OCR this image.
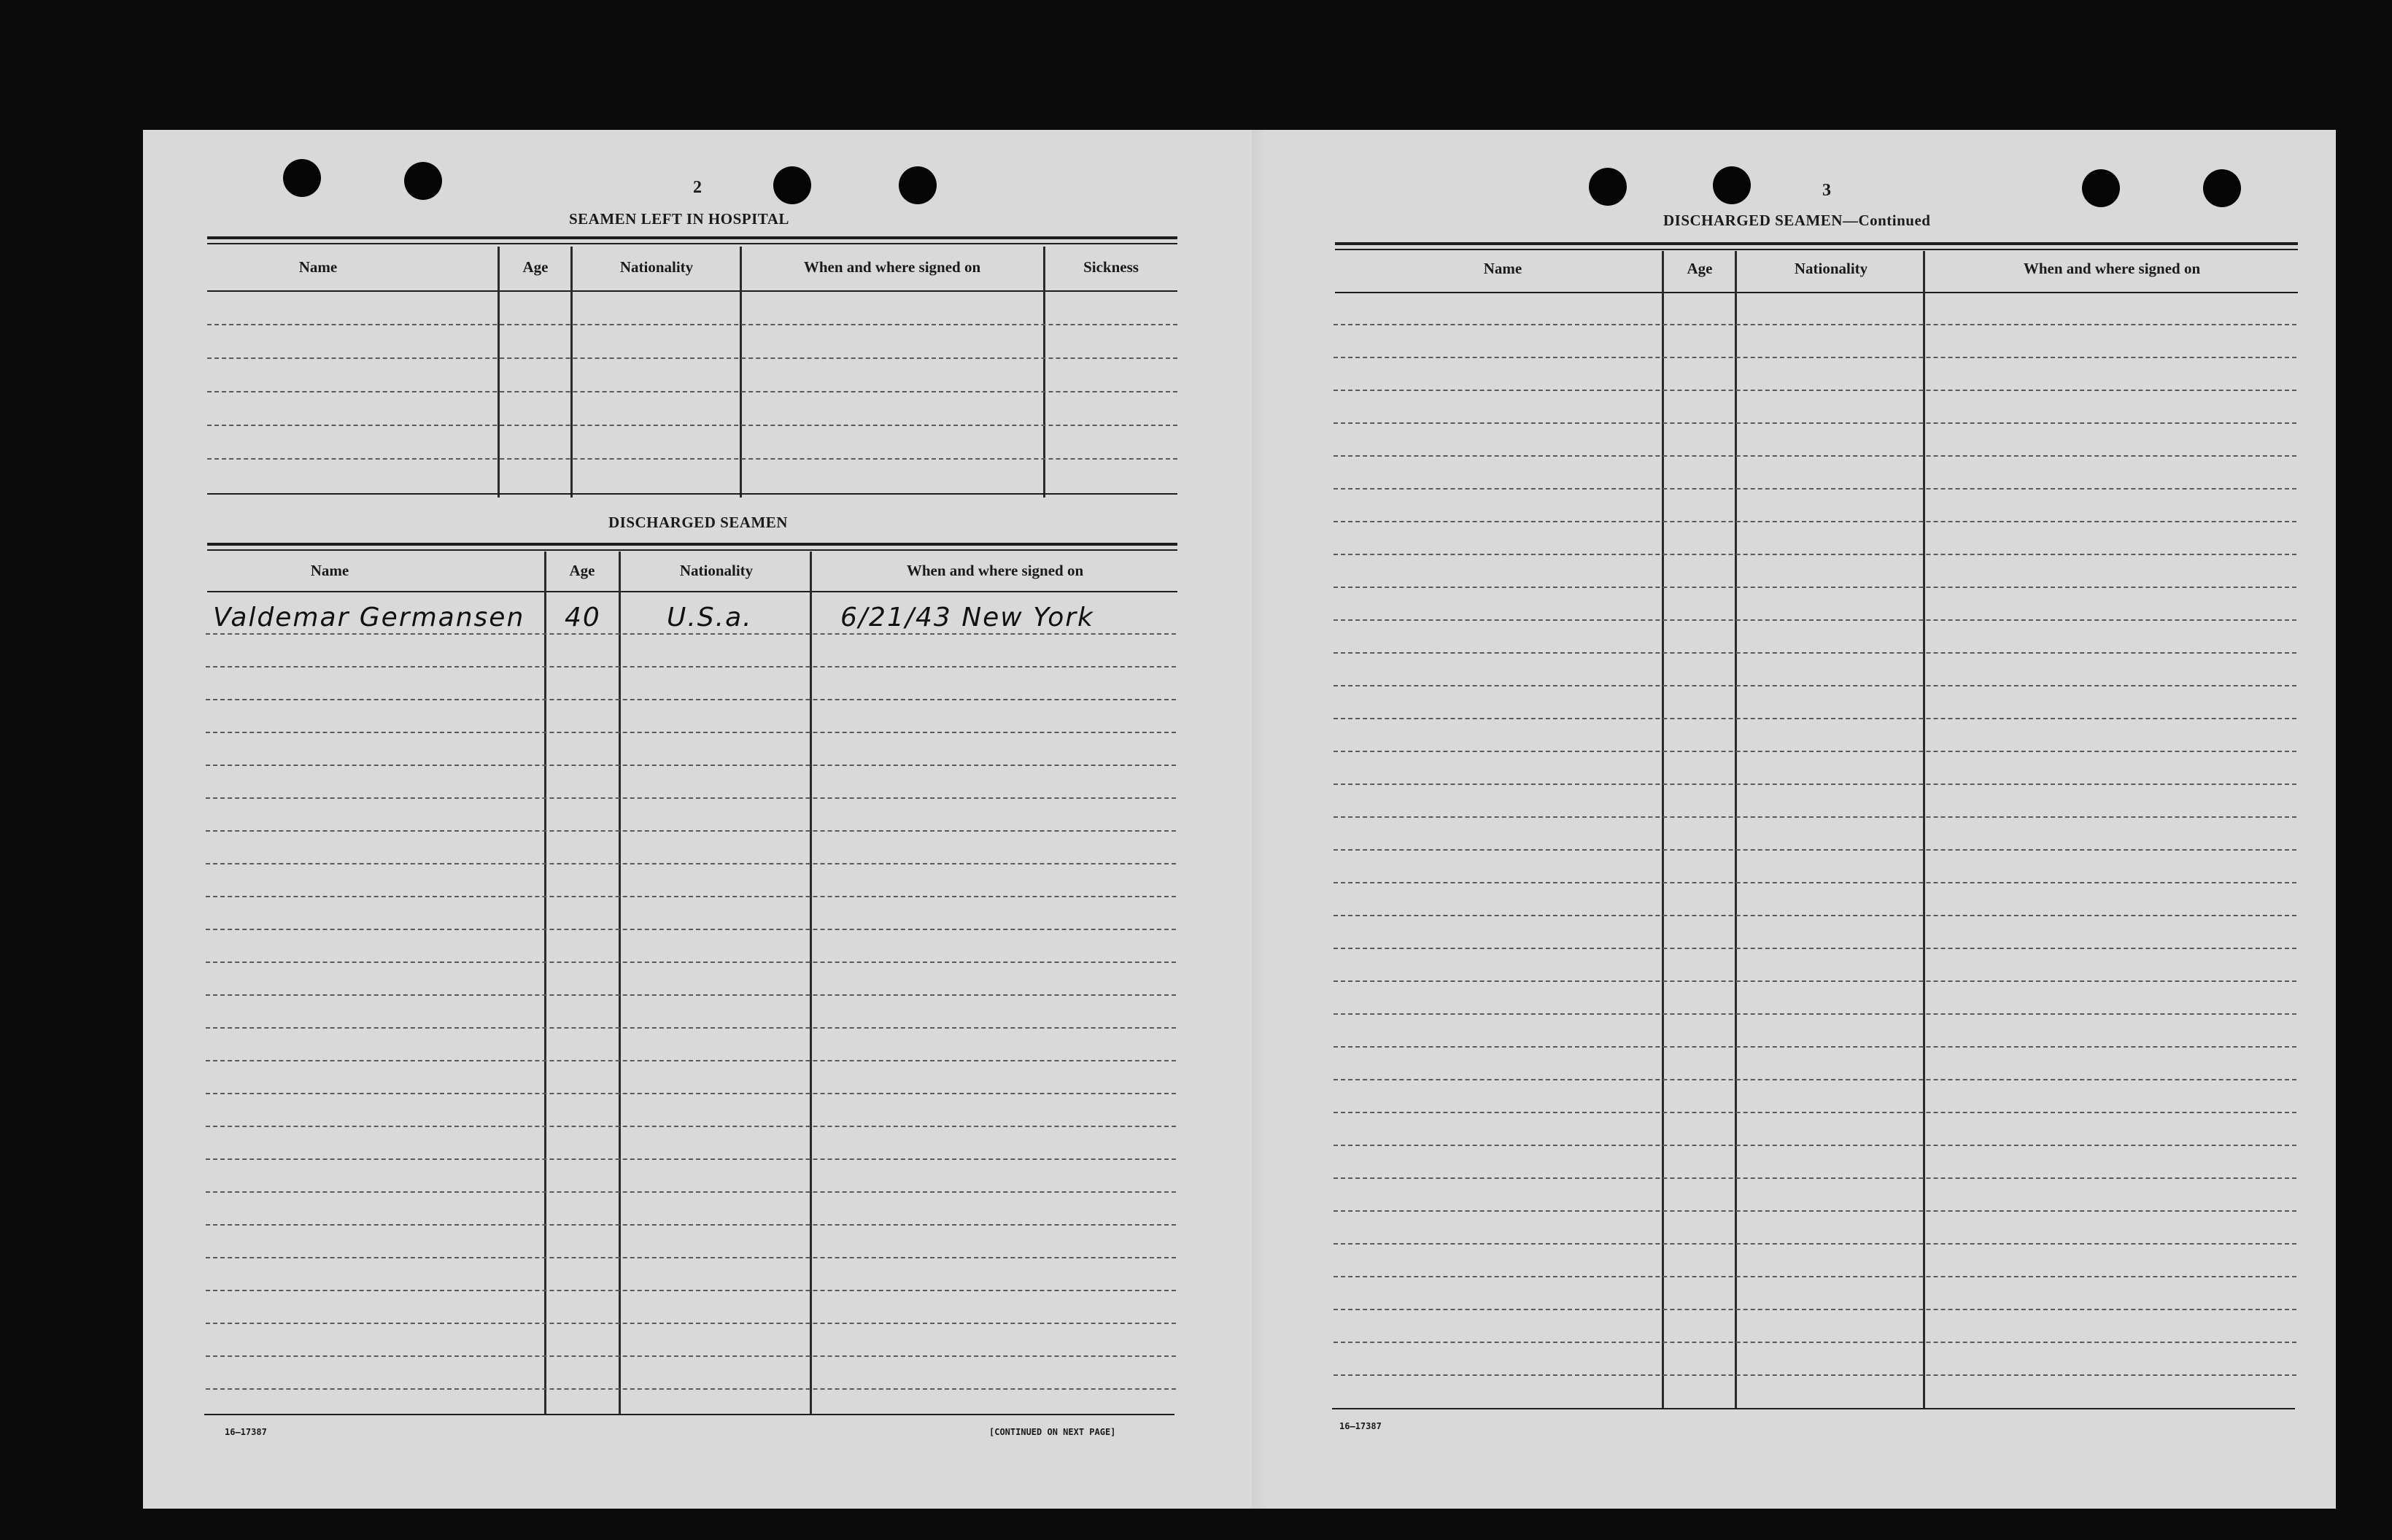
2
SEAMEN LEFT IN HOSPITAL
Name	Age	Nationality	When and where signed on	Sickness
DISCHARGED SEAMEN
Name	Age	Nationality	When and where signed on
Valdemar Germansen 40	U.S.a.	6/21/43 New York
16—17387	[CONTINUED ON NEXT PAGE]
3
DISCHARGED SEAMEN—Continued
Name	Age	Nationality	When and where signed on
16—17387
